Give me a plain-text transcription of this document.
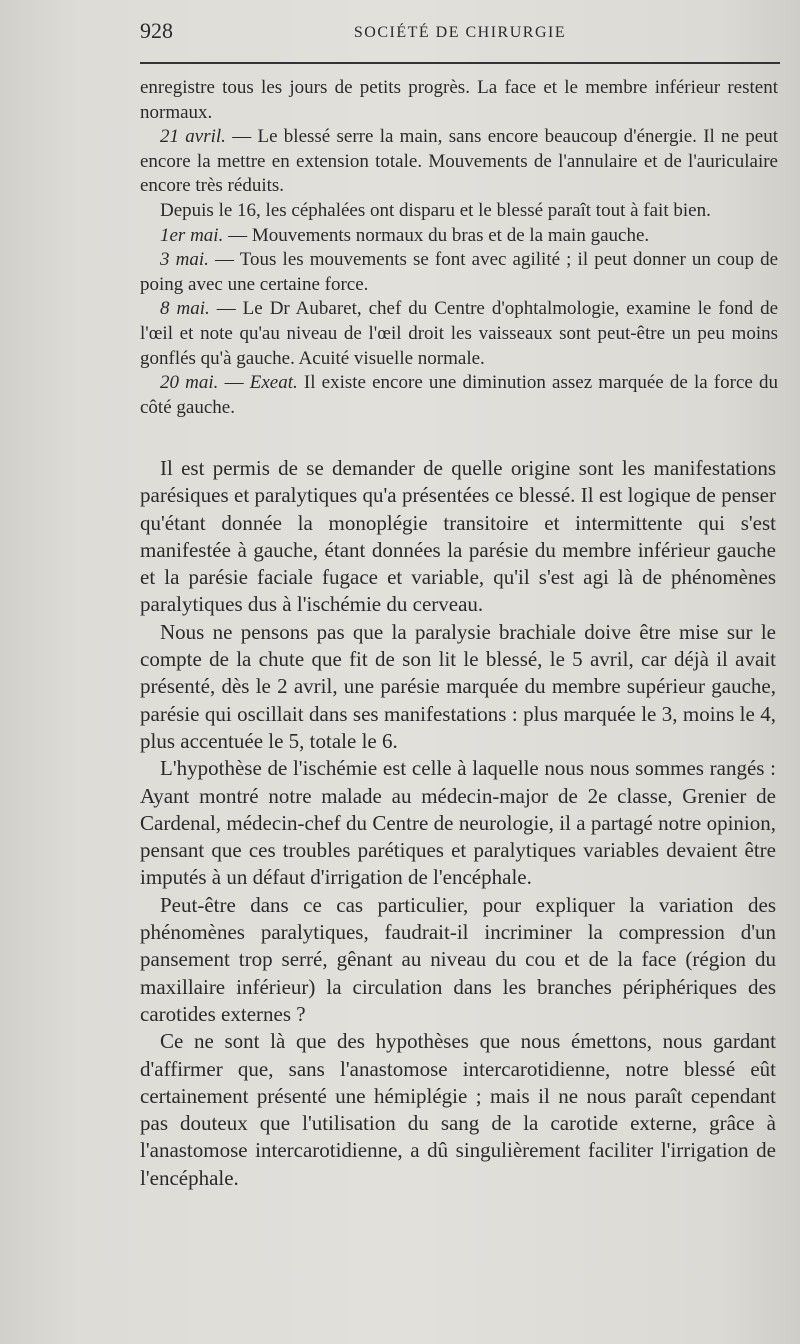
928	SOCIÉTÉ DE CHIRURGIE

enregistre tous les jours de petits progrès. La face et le membre inférieur restent normaux.

21 avril. — Le blessé serre la main, sans encore beaucoup d'énergie. Il ne peut encore la mettre en extension totale. Mouvements de l'annulaire et de l'auriculaire encore très réduits.

Depuis le 16, les céphalées ont disparu et le blessé paraît tout à fait bien.

1er mai. — Mouvements normaux du bras et de la main gauche.

3 mai. — Tous les mouvements se font avec agilité ; il peut donner un coup de poing avec une certaine force.

8 mai. — Le Dr Aubaret, chef du Centre d'ophtalmologie, examine le fond de l'œil et note qu'au niveau de l'œil droit les vaisseaux sont peut-être un peu moins gonflés qu'à gauche. Acuité visuelle normale.

20 mai. — Exeat. Il existe encore une diminution assez marquée de la force du côté gauche.

Il est permis de se demander de quelle origine sont les manifestations parésiques et paralytiques qu'a présentées ce blessé. Il est logique de penser qu'étant donnée la monoplégie transitoire et intermittente qui s'est manifestée à gauche, étant données la parésie du membre inférieur gauche et la parésie faciale fugace et variable, qu'il s'est agi là de phénomènes paralytiques dus à l'ischémie du cerveau.

Nous ne pensons pas que la paralysie brachiale doive être mise sur le compte de la chute que fit de son lit le blessé, le 5 avril, car déjà il avait présenté, dès le 2 avril, une parésie marquée du membre supérieur gauche, parésie qui oscillait dans ses manifestations : plus marquée le 3, moins le 4, plus accentuée le 5, totale le 6.

L'hypothèse de l'ischémie est celle à laquelle nous nous sommes rangés : Ayant montré notre malade au médecin-major de 2e classe, Grenier de Cardenal, médecin-chef du Centre de neurologie, il a partagé notre opinion, pensant que ces troubles parétiques et paralytiques variables devaient être imputés à un défaut d'irrigation de l'encéphale.

Peut-être dans ce cas particulier, pour expliquer la variation des phénomènes paralytiques, faudrait-il incriminer la compression d'un pansement trop serré, gênant au niveau du cou et de la face (région du maxillaire inférieur) la circulation dans les branches périphériques des carotides externes ?

Ce ne sont là que des hypothèses que nous émettons, nous gardant d'affirmer que, sans l'anastomose intercarotidienne, notre blessé eût certainement présenté une hémiplégie ; mais il ne nous paraît cependant pas douteux que l'utilisation du sang de la carotide externe, grâce à l'anastomose intercarotidienne, a dû singulièrement faciliter l'irrigation de l'encéphale.
